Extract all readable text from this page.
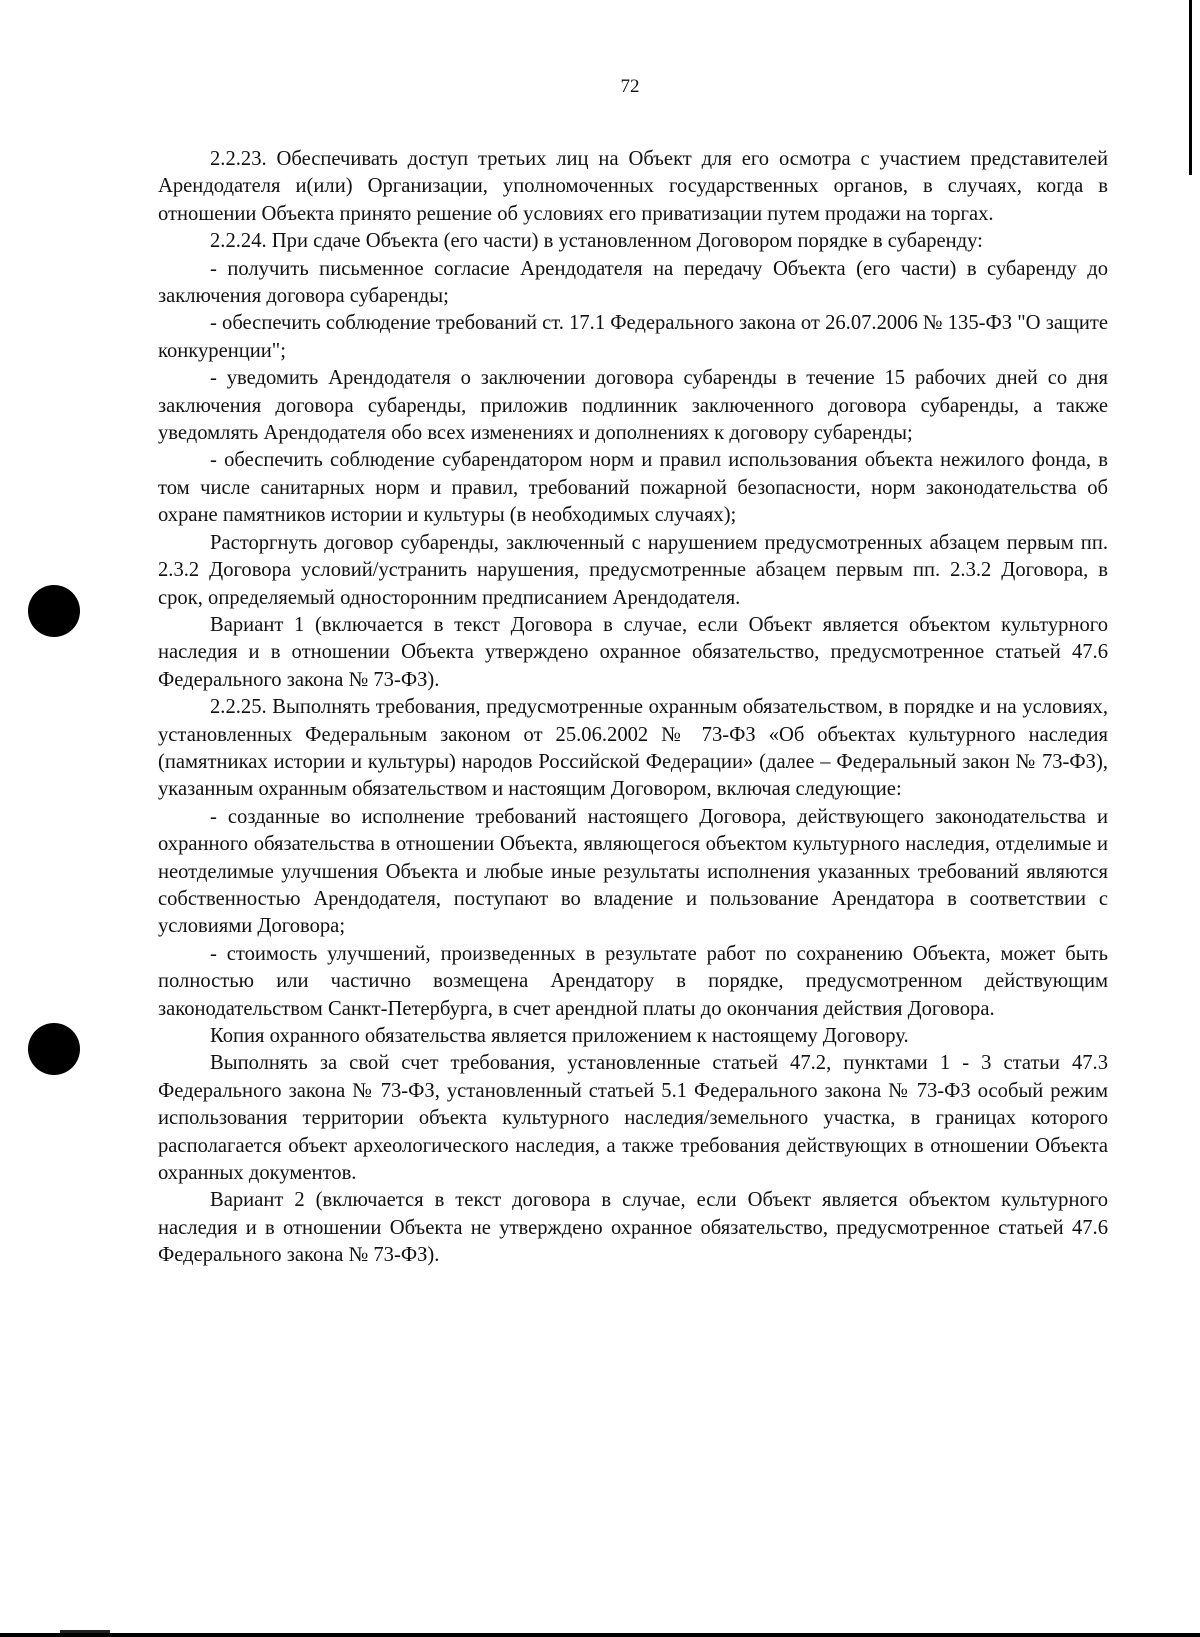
72

2.2.23. Обеспечивать доступ третьих лиц на Объект для его осмотра с участием представителей Арендодателя и(или) Организации, уполномоченных государственных органов, в случаях, когда в отношении Объекта принято решение об условиях его приватизации путем продажи на торгах.

2.2.24. При сдаче Объекта (его части) в установленном Договором порядке в субаренду:

- получить письменное согласие Арендодателя на передачу Объекта (его части) в субаренду до заключения договора субаренды;

- обеспечить соблюдение требований ст. 17.1 Федерального закона от 26.07.2006 № 135-ФЗ "О защите конкуренции";

- уведомить Арендодателя о заключении договора субаренды в течение 15 рабочих дней со дня заключения договора субаренды, приложив подлинник заключенного договора субаренды, а также уведомлять Арендодателя обо всех изменениях и дополнениях к договору субаренды;

- обеспечить соблюдение субарендатором норм и правил использования объекта нежилого фонда, в том числе санитарных норм и правил, требований пожарной безопасности, норм законодательства об охране памятников истории и культуры (в необходимых случаях);

Расторгнуть договор субаренды, заключенный с нарушением предусмотренных абзацем первым пп. 2.3.2 Договора условий/устранить нарушения, предусмотренные абзацем первым пп. 2.3.2 Договора, в срок, определяемый односторонним предписанием Арендодателя.

Вариант 1 (включается в текст Договора в случае, если Объект является объектом культурного наследия и в отношении Объекта утверждено охранное обязательство, предусмотренное статьей 47.6 Федерального закона № 73-ФЗ).

2.2.25. Выполнять требования, предусмотренные охранным обязательством, в порядке и на условиях, установленных Федеральным законом от 25.06.2002 № 73-ФЗ «Об объектах культурного наследия (памятниках истории и культуры) народов Российской Федерации» (далее – Федеральный закон № 73-ФЗ), указанным охранным обязательством и настоящим Договором, включая следующие:

- созданные во исполнение требований настоящего Договора, действующего законодательства и охранного обязательства в отношении Объекта, являющегося объектом культурного наследия, отделимые и неотделимые улучшения Объекта и любые иные результаты исполнения указанных требований являются собственностью Арендодателя, поступают во владение и пользование Арендатора в соответствии с условиями Договора;

- стоимость улучшений, произведенных в результате работ по сохранению Объекта, может быть полностью или частично возмещена Арендатору в порядке, предусмотренном действующим законодательством Санкт-Петербурга, в счет арендной платы до окончания действия Договора.

Копия охранного обязательства является приложением к настоящему Договору.

Выполнять за свой счет требования, установленные статьей 47.2, пунктами 1 - 3 статьи 47.3 Федерального закона № 73-ФЗ, установленный статьей 5.1 Федерального закона № 73-ФЗ особый режим использования территории объекта культурного наследия/земельного участка, в границах которого располагается объект археологического наследия, а также требования действующих в отношении Объекта охранных документов.

Вариант 2 (включается в текст договора в случае, если Объект является объектом культурного наследия и в отношении Объекта не утверждено охранное обязательство, предусмотренное статьей 47.6 Федерального закона № 73-ФЗ).
